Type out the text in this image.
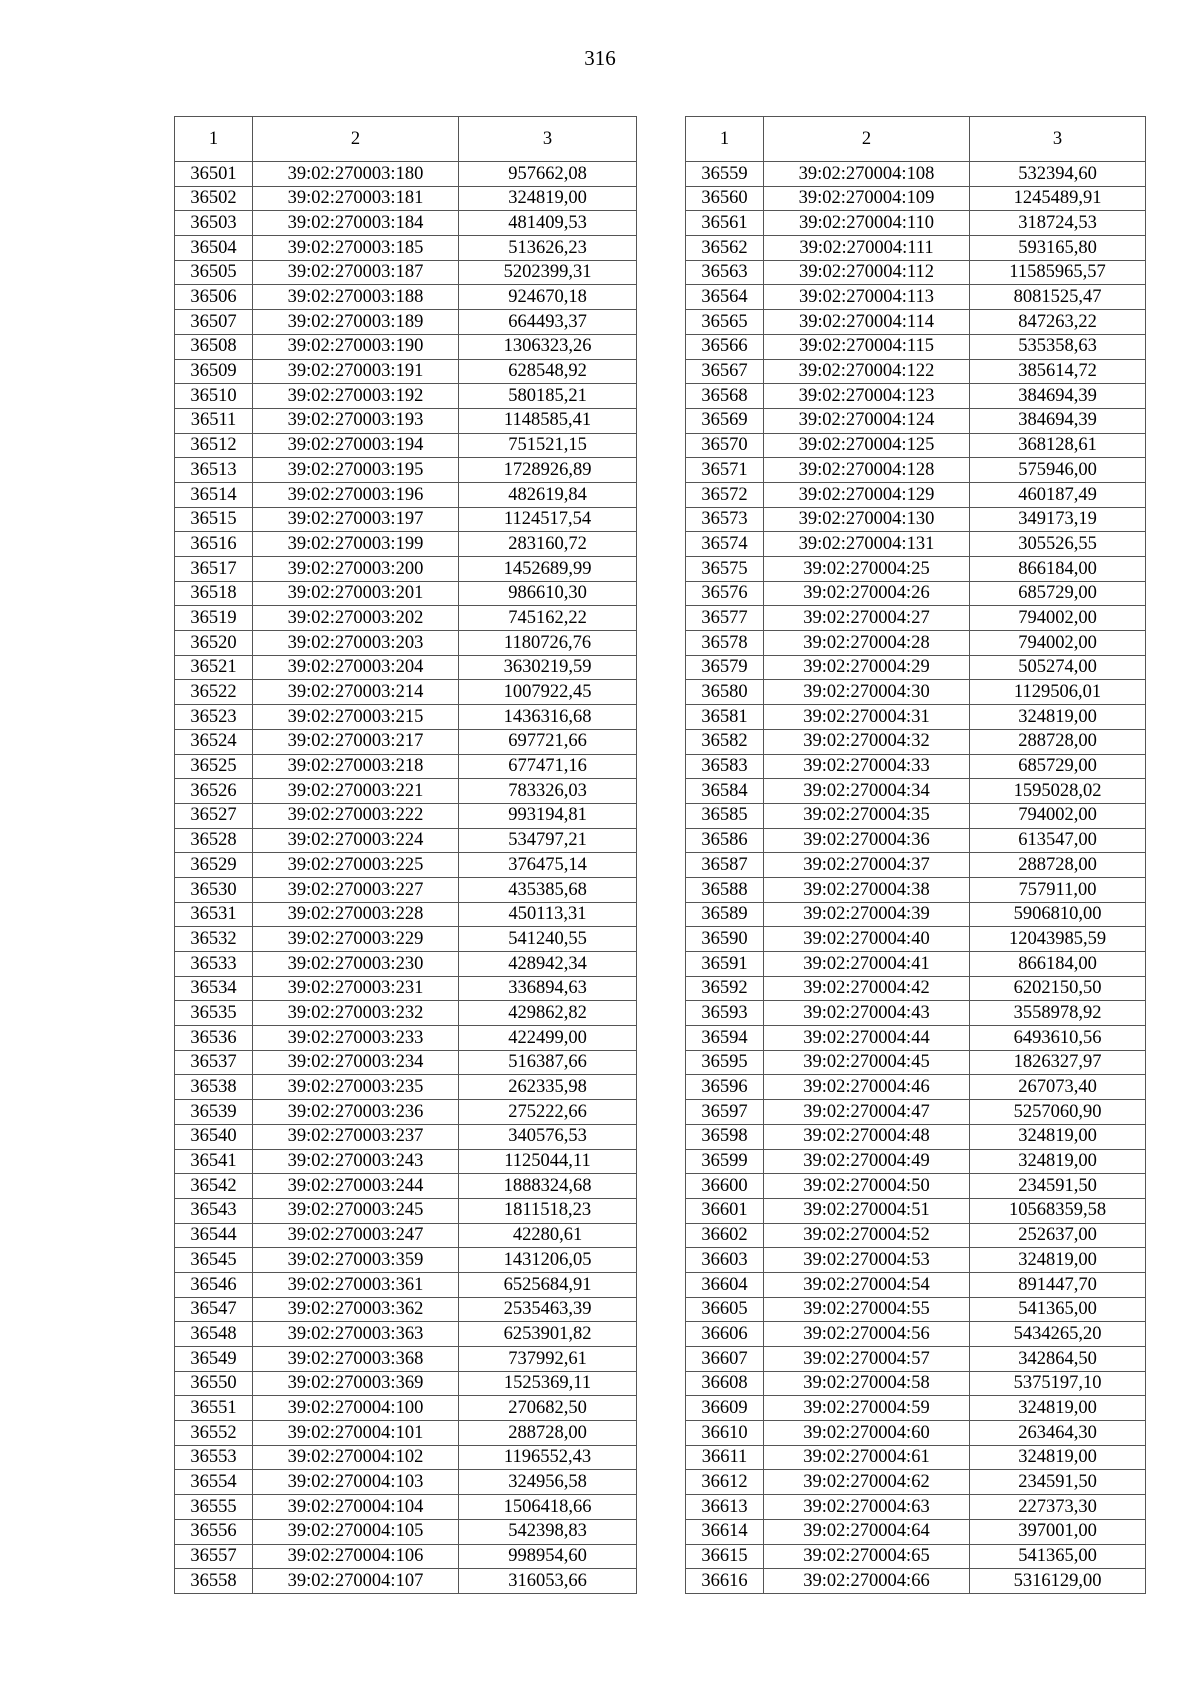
316
1	2	3
36501	39:02:270003:180	957662,08
36502	39:02:270003:181	324819,00
36503	39:02:270003:184	481409,53
36504	39:02:270003:185	513626,23
36505	39:02:270003:187	5202399,31
36506	39:02:270003:188	924670,18
36507	39:02:270003:189	664493,37
36508	39:02:270003:190	1306323,26
36509	39:02:270003:191	628548,92
36510	39:02:270003:192	580185,21
36511	39:02:270003:193	1148585,41
36512	39:02:270003:194	751521,15
36513	39:02:270003:195	1728926,89
36514	39:02:270003:196	482619,84
36515	39:02:270003:197	1124517,54
36516	39:02:270003:199	283160,72
36517	39:02:270003:200	1452689,99
36518	39:02:270003:201	986610,30
36519	39:02:270003:202	745162,22
36520	39:02:270003:203	1180726,76
36521	39:02:270003:204	3630219,59
36522	39:02:270003:214	1007922,45
36523	39:02:270003:215	1436316,68
36524	39:02:270003:217	697721,66
36525	39:02:270003:218	677471,16
36526	39:02:270003:221	783326,03
36527	39:02:270003:222	993194,81
36528	39:02:270003:224	534797,21
36529	39:02:270003:225	376475,14
36530	39:02:270003:227	435385,68
36531	39:02:270003:228	450113,31
36532	39:02:270003:229	541240,55
36533	39:02:270003:230	428942,34
36534	39:02:270003:231	336894,63
36535	39:02:270003:232	429862,82
36536	39:02:270003:233	422499,00
36537	39:02:270003:234	516387,66
36538	39:02:270003:235	262335,98
36539	39:02:270003:236	275222,66
36540	39:02:270003:237	340576,53
36541	39:02:270003:243	1125044,11
36542	39:02:270003:244	1888324,68
36543	39:02:270003:245	1811518,23
36544	39:02:270003:247	42280,61
36545	39:02:270003:359	1431206,05
36546	39:02:270003:361	6525684,91
36547	39:02:270003:362	2535463,39
36548	39:02:270003:363	6253901,82
36549	39:02:270003:368	737992,61
36550	39:02:270003:369	1525369,11
36551	39:02:270004:100	270682,50
36552	39:02:270004:101	288728,00
36553	39:02:270004:102	1196552,43
36554	39:02:270004:103	324956,58
36555	39:02:270004:104	1506418,66
36556	39:02:270004:105	542398,83
36557	39:02:270004:106	998954,60
36558	39:02:270004:107	316053,66
1	2	3
36559	39:02:270004:108	532394,60
36560	39:02:270004:109	1245489,91
36561	39:02:270004:110	318724,53
36562	39:02:270004:111	593165,80
36563	39:02:270004:112	11585965,57
36564	39:02:270004:113	8081525,47
36565	39:02:270004:114	847263,22
36566	39:02:270004:115	535358,63
36567	39:02:270004:122	385614,72
36568	39:02:270004:123	384694,39
36569	39:02:270004:124	384694,39
36570	39:02:270004:125	368128,61
36571	39:02:270004:128	575946,00
36572	39:02:270004:129	460187,49
36573	39:02:270004:130	349173,19
36574	39:02:270004:131	305526,55
36575	39:02:270004:25	866184,00
36576	39:02:270004:26	685729,00
36577	39:02:270004:27	794002,00
36578	39:02:270004:28	794002,00
36579	39:02:270004:29	505274,00
36580	39:02:270004:30	1129506,01
36581	39:02:270004:31	324819,00
36582	39:02:270004:32	288728,00
36583	39:02:270004:33	685729,00
36584	39:02:270004:34	1595028,02
36585	39:02:270004:35	794002,00
36586	39:02:270004:36	613547,00
36587	39:02:270004:37	288728,00
36588	39:02:270004:38	757911,00
36589	39:02:270004:39	5906810,00
36590	39:02:270004:40	12043985,59
36591	39:02:270004:41	866184,00
36592	39:02:270004:42	6202150,50
36593	39:02:270004:43	3558978,92
36594	39:02:270004:44	6493610,56
36595	39:02:270004:45	1826327,97
36596	39:02:270004:46	267073,40
36597	39:02:270004:47	5257060,90
36598	39:02:270004:48	324819,00
36599	39:02:270004:49	324819,00
36600	39:02:270004:50	234591,50
36601	39:02:270004:51	10568359,58
36602	39:02:270004:52	252637,00
36603	39:02:270004:53	324819,00
36604	39:02:270004:54	891447,70
36605	39:02:270004:55	541365,00
36606	39:02:270004:56	5434265,20
36607	39:02:270004:57	342864,50
36608	39:02:270004:58	5375197,10
36609	39:02:270004:59	324819,00
36610	39:02:270004:60	263464,30
36611	39:02:270004:61	324819,00
36612	39:02:270004:62	234591,50
36613	39:02:270004:63	227373,30
36614	39:02:270004:64	397001,00
36615	39:02:270004:65	541365,00
36616	39:02:270004:66	5316129,00
